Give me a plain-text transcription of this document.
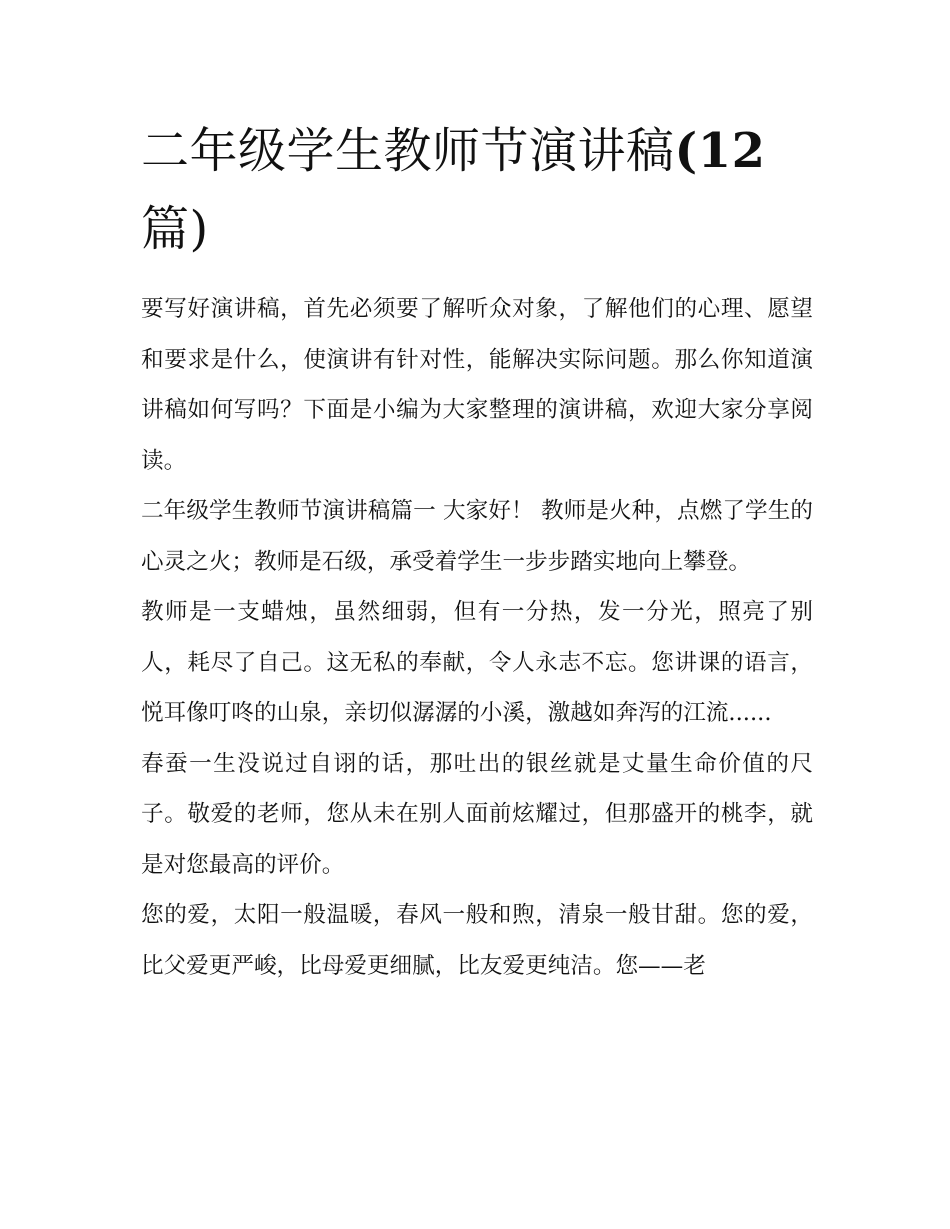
二年级学生教师节演讲稿(12篇)

要写好演讲稿，首先必须要了解听众对象，了解他们的心理、愿望和要求是什么，使演讲有针对性，能解决实际问题。那么你知道演讲稿如何写吗？下面是小编为大家整理的演讲稿，欢迎大家分享阅读。

二年级学生教师节演讲稿篇一 大家好！ 教师是火种，点燃了学生的心灵之火；教师是石级，承受着学生一步步踏实地向上攀登。

教师是一支蜡烛，虽然细弱，但有一分热，发一分光，照亮了别人，耗尽了自己。这无私的奉献，令人永志不忘。您讲课的语言，悦耳像叮咚的山泉，亲切似潺潺的小溪，激越如奔泻的江流......

春蚕一生没说过自诩的话，那吐出的银丝就是丈量生命价值的尺子。敬爱的老师，您从未在别人面前炫耀过，但那盛开的桃李，就是对您最高的评价。

您的爱，太阳一般温暖，春风一般和煦，清泉一般甘甜。您的爱，比父爱更严峻，比母爱更细腻，比友爱更纯洁。您——老
